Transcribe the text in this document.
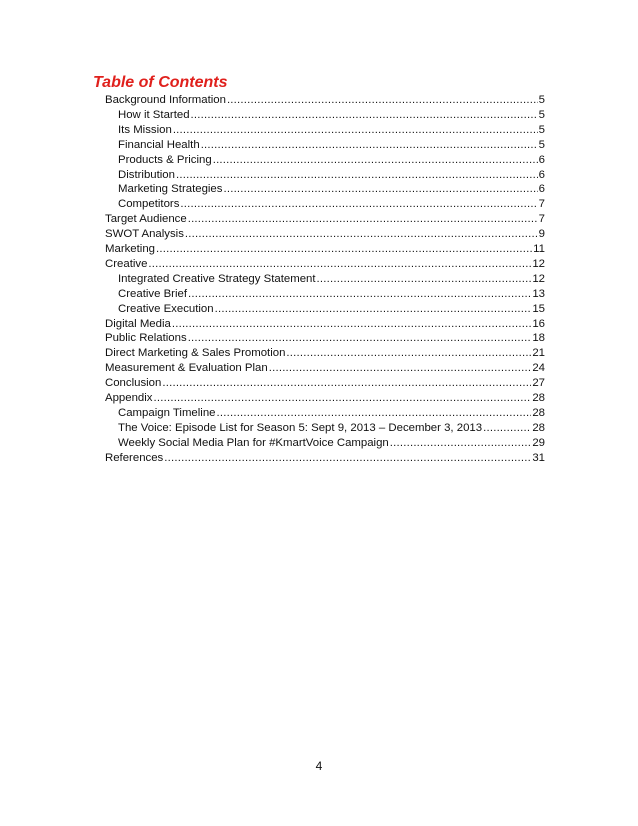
Table of Contents
Background Information .....	5
How it Started .....	5
Its Mission .....	5
Financial Health .....	5
Products & Pricing .....	6
Distribution .....	6
Marketing Strategies .....	6
Competitors .....	7
Target Audience .....	7
SWOT Analysis .....	9
Marketing .....	11
Creative .....	12
Integrated Creative Strategy Statement .....	12
Creative Brief .....	13
Creative Execution .....	15
Digital Media .....	16
Public Relations .....	18
Direct Marketing & Sales Promotion .....	21
Measurement & Evaluation Plan .....	24
Conclusion .....	27
Appendix .....	28
Campaign Timeline .....	28
The Voice: Episode List for Season 5: Sept 9, 2013 – December 3, 2013 .....	28
Weekly Social Media Plan for #KmartVoice Campaign .....	29
References .....	31
4
